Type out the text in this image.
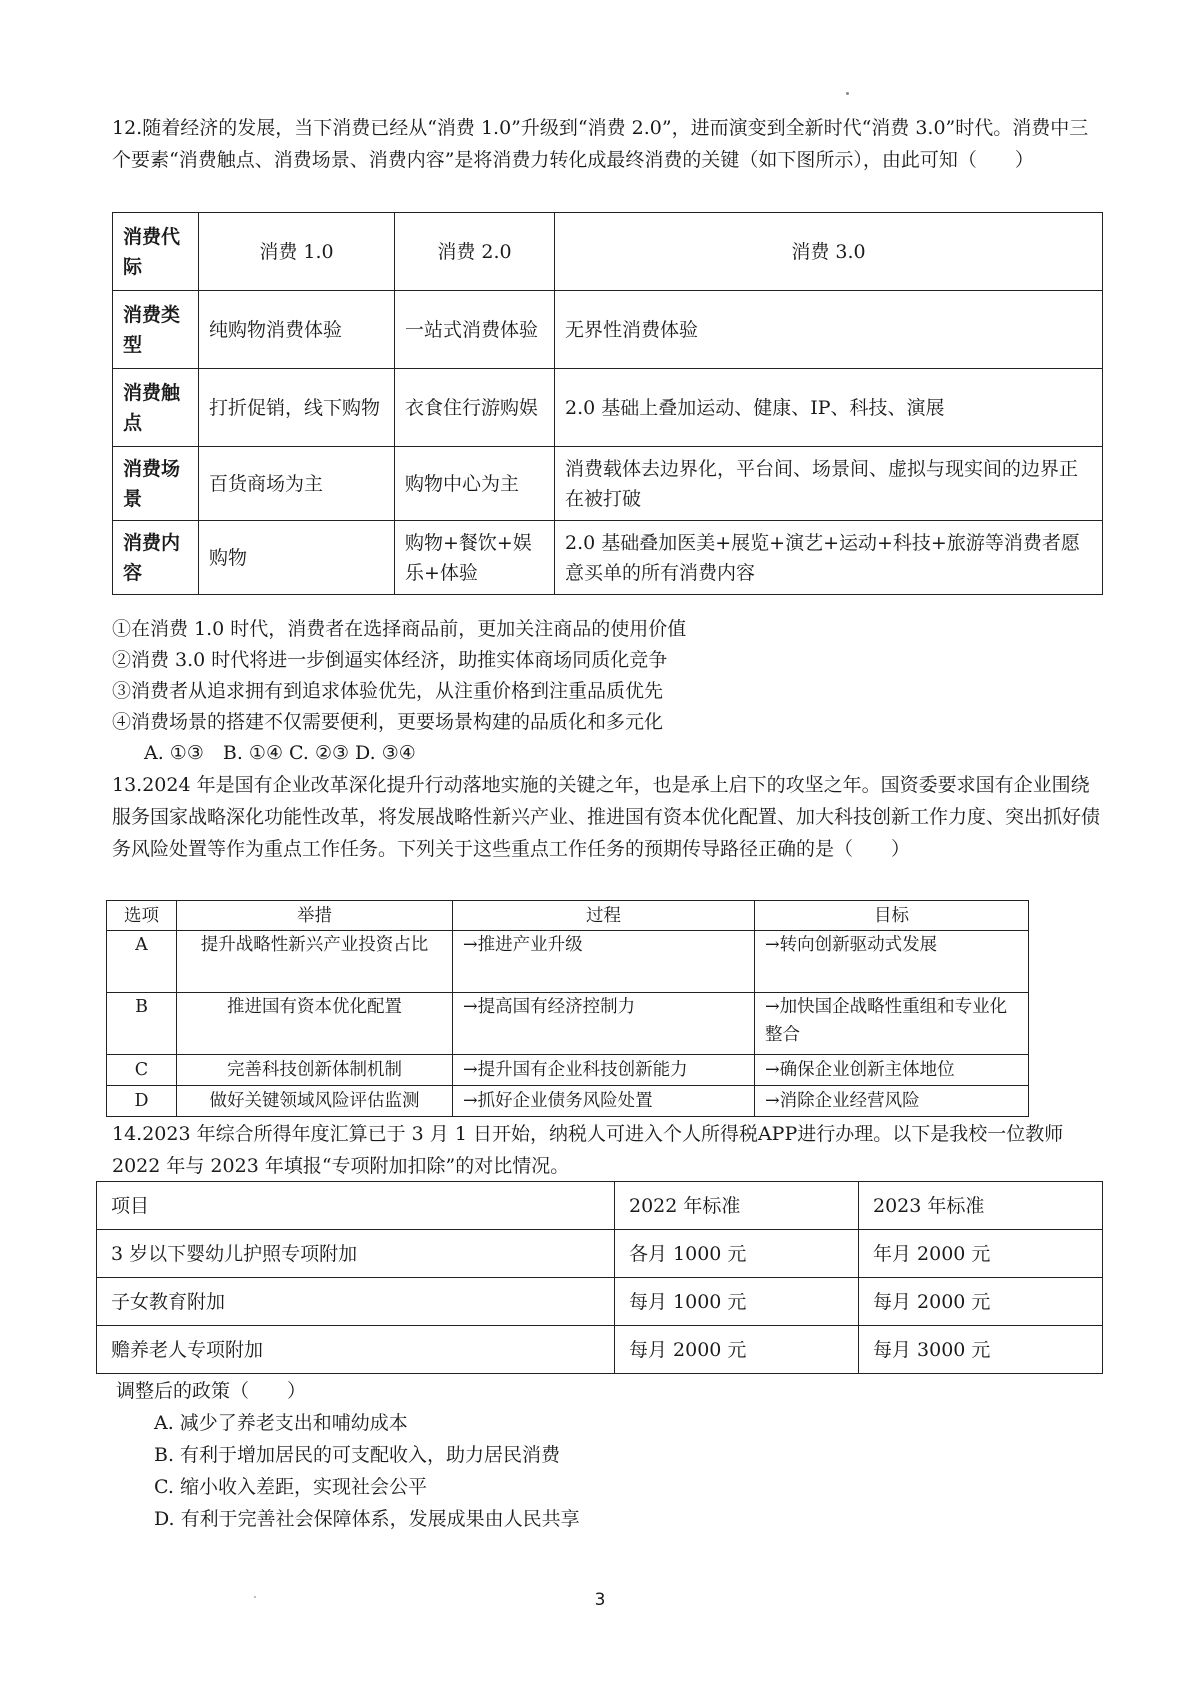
12.随着经济的发展，当下消费已经从“消费 1.0”升级到“消费 2.0”，进而演变到全新时代“消费 3.0”时代。消费中三个要素“消费触点、消费场景、消费内容”是将消费力转化成最终消费的关键（如下图所示），由此可知（　　）

消费代际	消费 1.0	消费 2.0	消费 3.0
消费类型	纯购物消费体验	一站式消费体验	无界性消费体验
消费触点	打折促销，线下购物	衣食住行游购娱	2.0 基础上叠加运动、健康、IP、科技、演展
消费场景	百货商场为主	购物中心为主	消费载体去边界化，平台间、场景间、虚拟与现实间的边界正在被打破
消费内容	购物	购物+餐饮+娱乐+体验	2.0 基础叠加医美+展览+演艺+运动+科技+旅游等消费者愿意买单的所有消费内容
①在消费 1.0 时代，消费者在选择商品前，更加关注商品的使用价值
②消费 3.0 时代将进一步倒逼实体经济，助推实体商场同质化竞争
③消费者从追求拥有到追求体验优先，从注重价格到注重品质优先
④消费场景的搭建不仅需要便利，更要场景构建的品质化和多元化
A. ①③　B. ①④ C. ②③ D. ③④

13.2024 年是国有企业改革深化提升行动落地实施的关键之年，也是承上启下的攻坚之年。国资委要求国有企业围绕服务国家战略深化功能性改革，将发展战略性新兴产业、推进国有资本优化配置、加大科技创新工作力度、突出抓好债务风险处置等作为重点工作任务。下列关于这些重点工作任务的预期传导路径正确的是（　　）

选项	举措	过程	目标
A	提升战略性新兴产业投资占比	→推进产业升级	→转向创新驱动式发展
B	推进国有资本优化配置	→提高国有经济控制力	→加快国企战略性重组和专业化整合
C	完善科技创新体制机制	→提升国有企业科技创新能力	→确保企业创新主体地位
D	做好关键领域风险评估监测	→抓好企业债务风险处置	→消除企业经营风险

14.2023 年综合所得年度汇算已于 3 月 1 日开始，纳税人可进入个人所得税APP进行办理。以下是我校一位教师 2022 年与 2023 年填报“专项附加扣除”的对比情况。

项目	2022 年标准	2023 年标准
3 岁以下婴幼儿护照专项附加	各月 1000 元	年月 2000 元
子女教育附加	每月 1000 元	每月 2000 元
赡养老人专项附加	每月 2000 元	每月 3000 元
调整后的政策（　　）
A. 减少了养老支出和哺幼成本
B. 有利于增加居民的可支配收入，助力居民消费
C. 缩小收入差距，实现社会公平
D. 有利于完善社会保障体系，发展成果由人民共享
3
